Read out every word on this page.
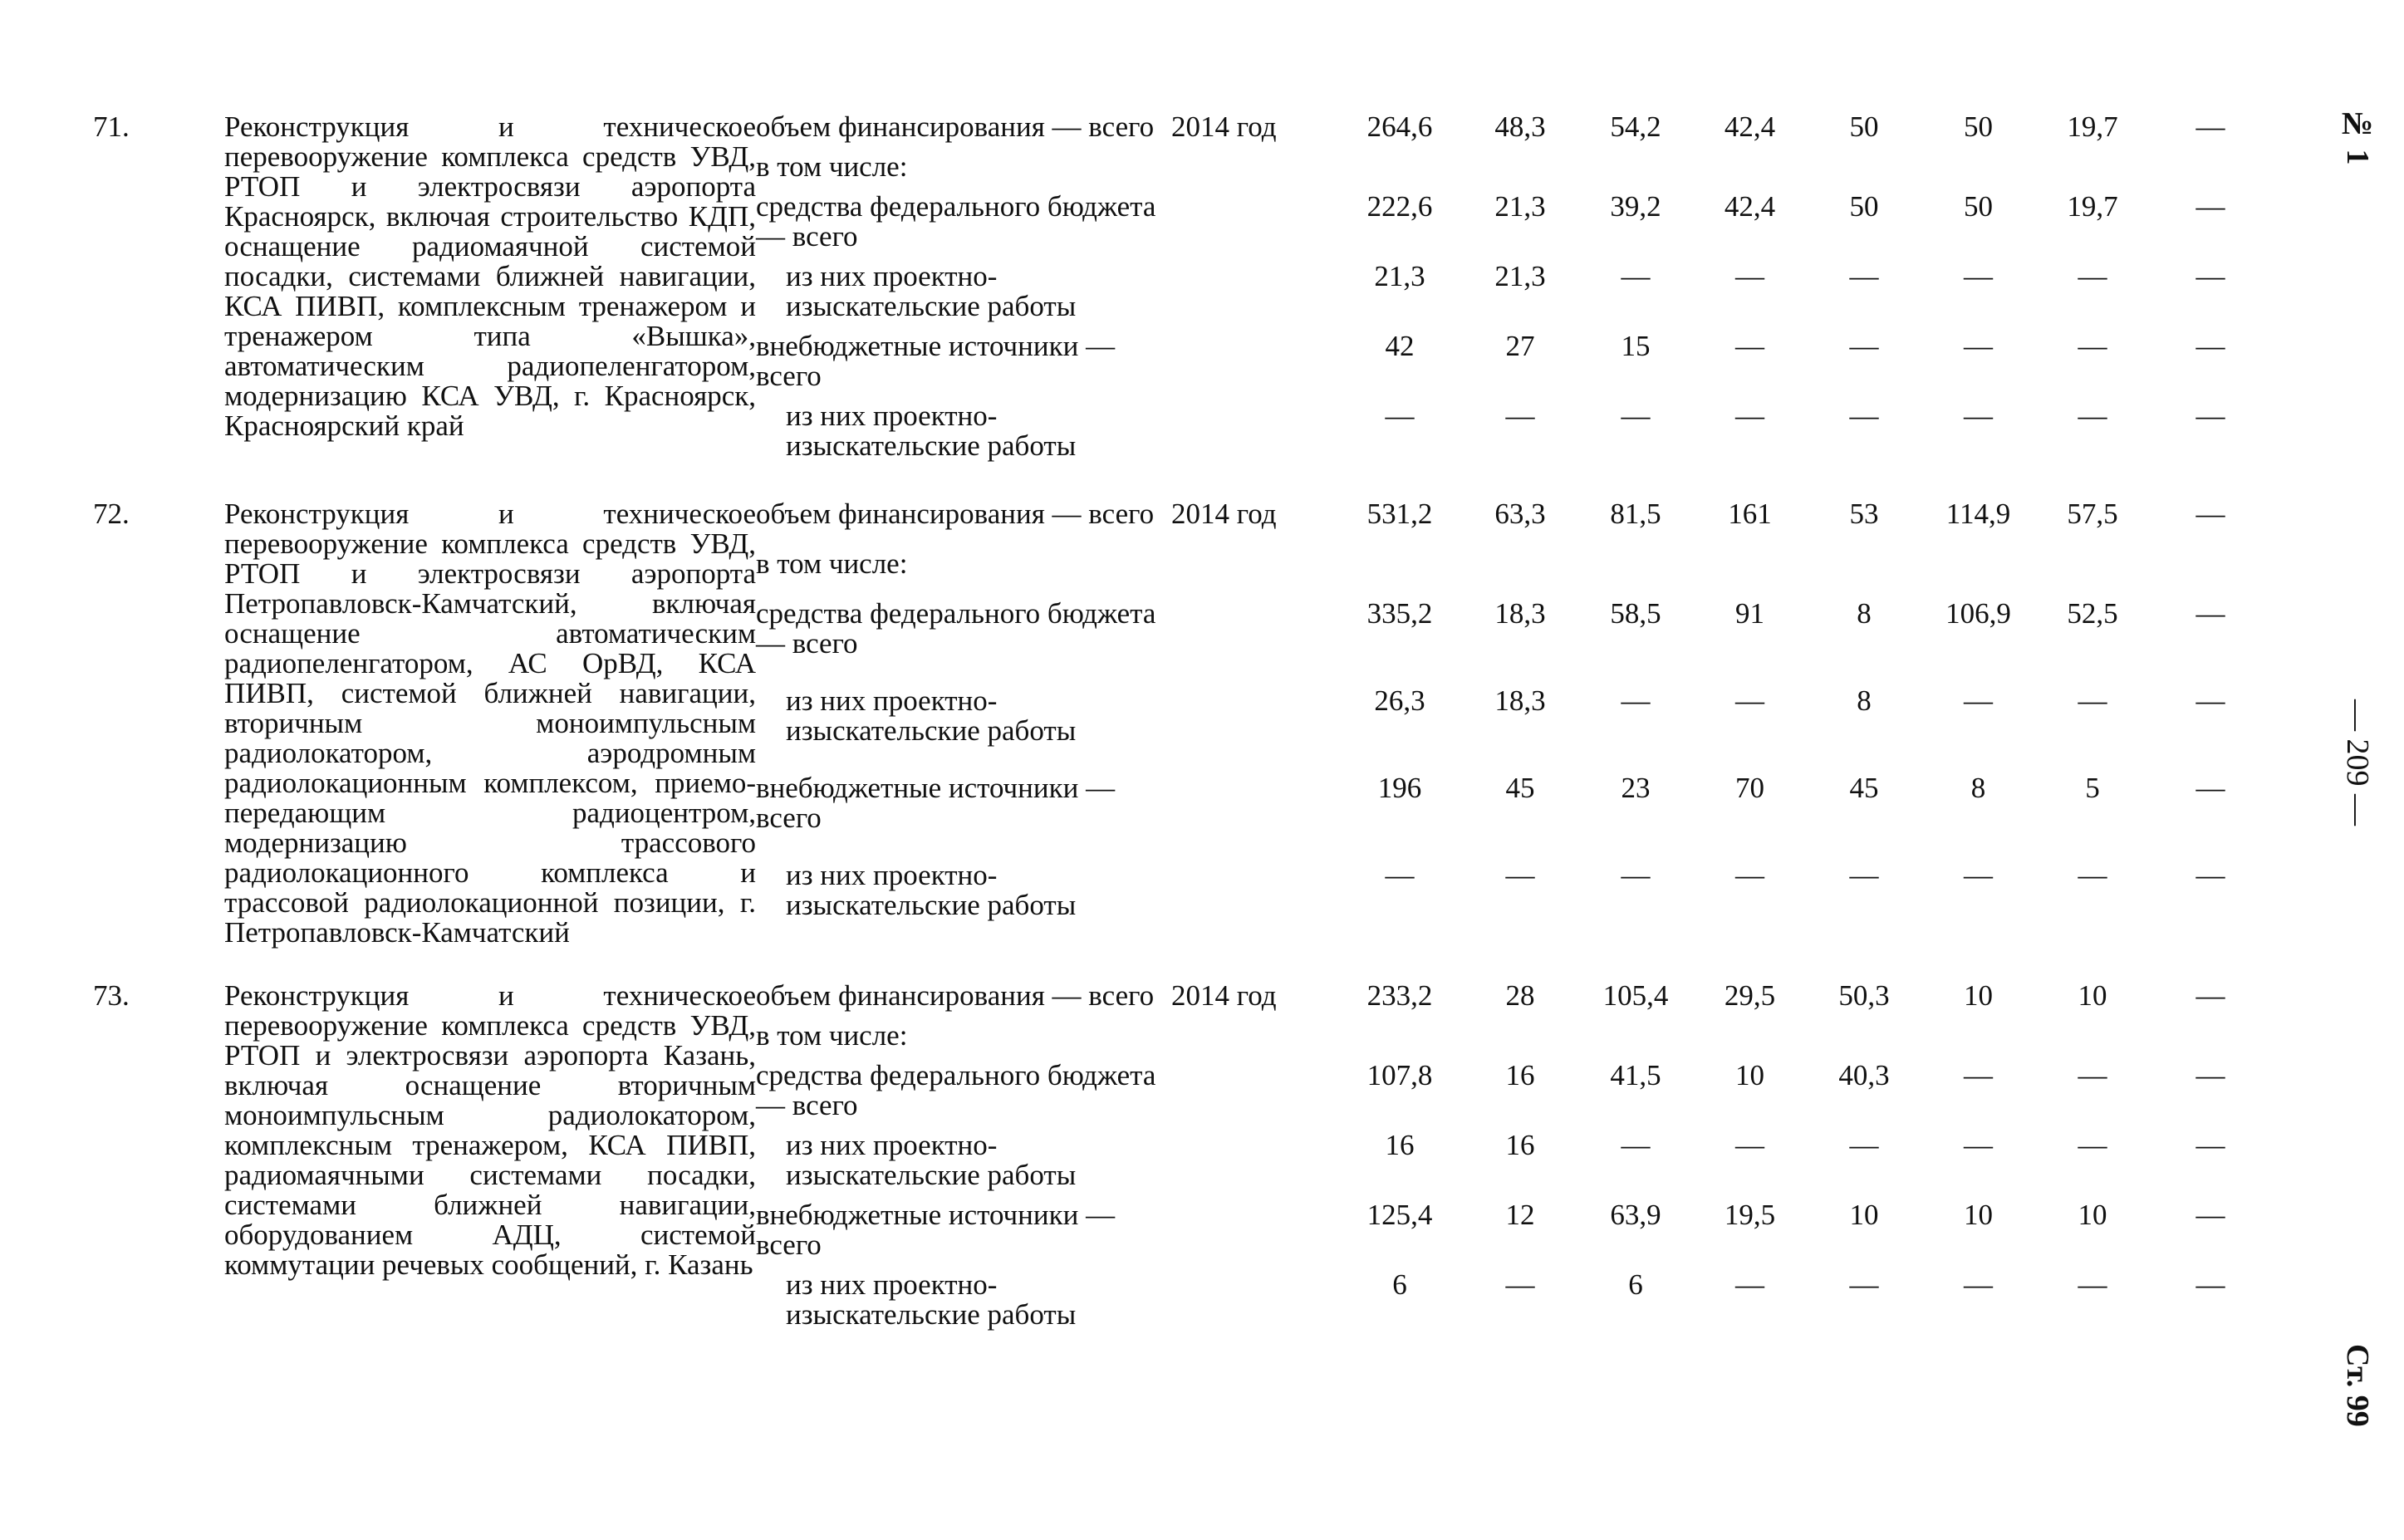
71.	Реконструкция и техническое перевооружение комплекса средств УВД, РТОП и электросвязи аэропорта Красноярск, включая строительство КДП, оснащение радиомаячной системой посадки, системами ближней навигации, КСА ПИВП, комплексным тренажером и тренажером типа «Вышка», автоматическим радиопеленгатором, модернизацию КСА УВД, г. Красноярск, Красноярский край	объем финансирования — всего	2014 год	264,6	48,3	54,2	42,4	50	50	19,7	—

		в том числе:									

		средства федерального бюджета — всего		222,6	21,3	39,2	42,4	50	50	19,7	—

		из них проектно-изыскательские работы		21,3	21,3	—	—	—	—	—	—

		внебюджетные источники — всего		42	27	15	—	—	—	—	—

		из них проектно-изыскательские работы		—	—	—	—	—	—	—	—

72.	Реконструкция и техническое перевооружение комплекса средств УВД, РТОП и электросвязи аэропорта Петропавловск-Камчатский, включая оснащение автоматическим радиопеленгатором, АС ОрВД, КСА ПИВП, системой ближней навигации, вторичным моноимпульсным радиолокатором, аэродромным радиолокационным комплексом, приемо-передающим радиоцентром, модернизацию трассового радиолокационного комплекса и трассовой радиолокационной позиции, г. Петропавловск-Камчатский	объем финансирования — всего	2014 год	531,2	63,3	81,5	161	53	114,9	57,5	—

		в том числе:									

		средства федерального бюджета — всего		335,2	18,3	58,5	91	8	106,9	52,5	—

		из них проектно-изыскательские работы		26,3	18,3	—	—	8	—	—	—

		внебюджетные источники — всего		196	45	23	70	45	8	5	—

		из них проектно-изыскательские работы		—	—	—	—	—	—	—	—

73.	Реконструкция и техническое перевооружение комплекса средств УВД, РТОП и электросвязи аэропорта Казань, включая оснащение вторичным моноимпульсным радиолокатором, комплексным тренажером, КСА ПИВП, радиомаячными системами посадки, системами ближней навигации, оборудованием АДЦ, системой коммутации речевых сообщений, г. Казань	объем финансирования — всего	2014 год	233,2	28	105,4	29,5	50,3	10	10	—

		в том числе:									

		средства федерального бюджета — всего		107,8	16	41,5	10	40,3	—	—	—

		из них проектно-изыскательские работы		16	16	—	—	—	—	—	—

		внебюджетные источники — всего		125,4	12	63,9	19,5	10	10	10	—

		из них проектно-изыскательские работы		6	—	6	—	—	—	—	—
№ 1
— 209 —
Ст. 99
